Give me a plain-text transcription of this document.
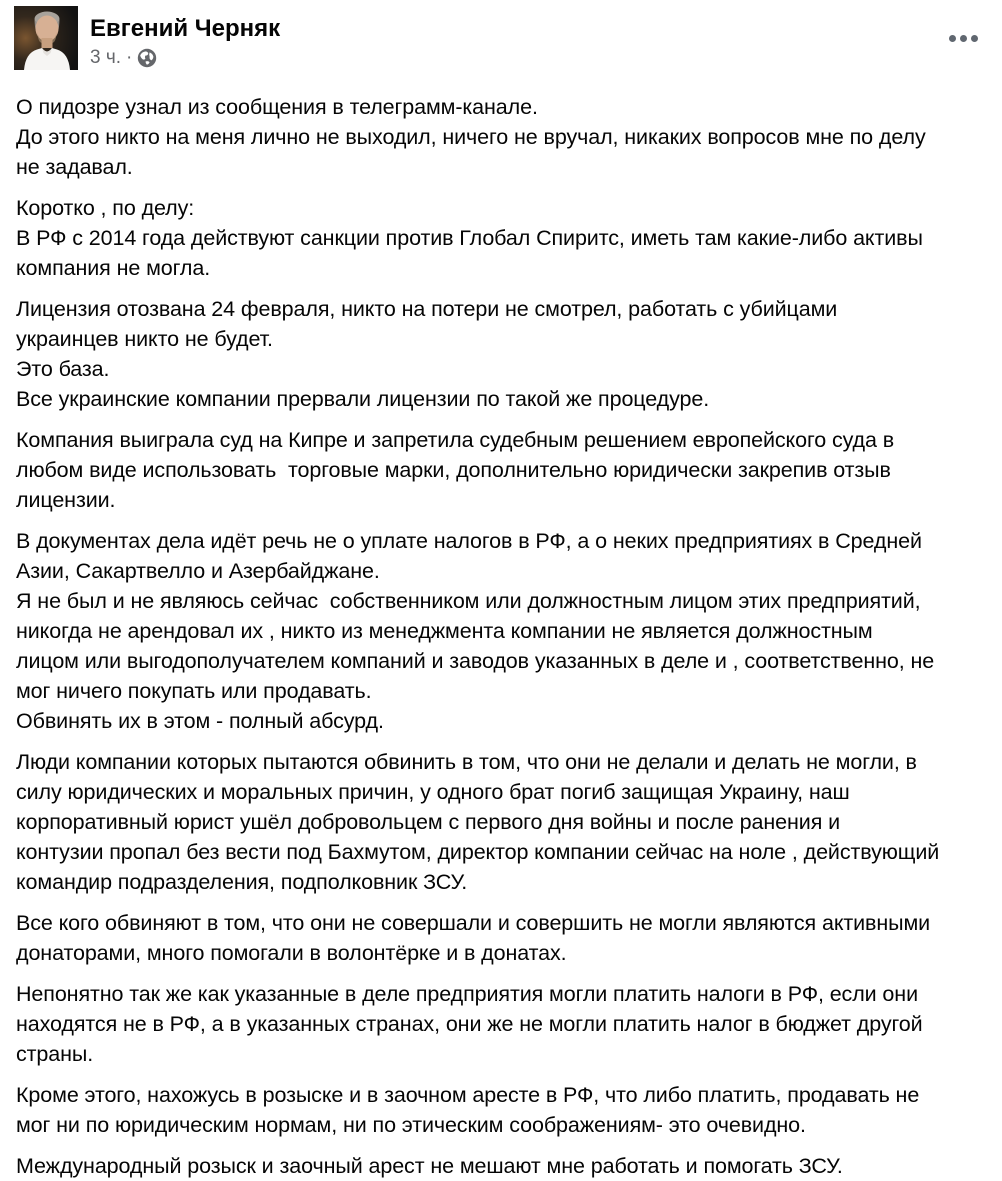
Евгений Черняк
3 ч. ·
О пидозре узнал из сообщения в телеграмм-канале.
До этого никто на меня лично не выходил, ничего не вручал, никаких вопросов мне по делу
не задавал.
Коротко , по делу:
В РФ с 2014 года действуют санкции против Глобал Спиритс, иметь там какие-либо активы
компания не могла.
Лицензия отозвана 24 февраля, никто на потери не смотрел, работать с убийцами
украинцев никто не будет.
Это база.
Все украинские компании прервали лицензии по такой же процедуре.
Компания выиграла суд на Кипре и запретила судебным решением европейского суда в
любом виде использовать  торговые марки, дополнительно юридически закрепив отзыв
лицензии.
В документах дела идёт речь не о уплате налогов в РФ, а о неких предприятиях в Средней
Азии, Сакартвелло и Азербайджане.
Я не был и не являюсь сейчас  собственником или должностным лицом этих предприятий,
никогда не арендовал их , никто из менеджмента компании не является должностным
лицом или выгодополучателем компаний и заводов указанных в деле и , соответственно, не
мог ничего покупать или продавать.
Обвинять их в этом - полный абсурд.
Люди компании которых пытаются обвинить в том, что они не делали и делать не могли, в
силу юридических и моральных причин, у одного брат погиб защищая Украину, наш
корпоративный юрист ушёл добровольцем с первого дня войны и после ранения и
контузии пропал без вести под Бахмутом, директор компании сейчас на ноле , действующий
командир подразделения, подполковник ЗСУ.
Все кого обвиняют в том, что они не совершали и совершить не могли являются активными
донаторами, много помогали в волонтёрке и в донатах.
Непонятно так же как указанные в деле предприятия могли платить налоги в РФ, если они
находятся не в РФ, а в указанных странах, они же не могли платить налог в бюджет другой
страны.
Кроме этого, нахожусь в розыске и в заочном аресте в РФ, что либо платить, продавать не
мог ни по юридическим нормам, ни по этическим соображениям- это очевидно.
Международный розыск и заочный арест не мешают мне работать и помогать ЗСУ.
